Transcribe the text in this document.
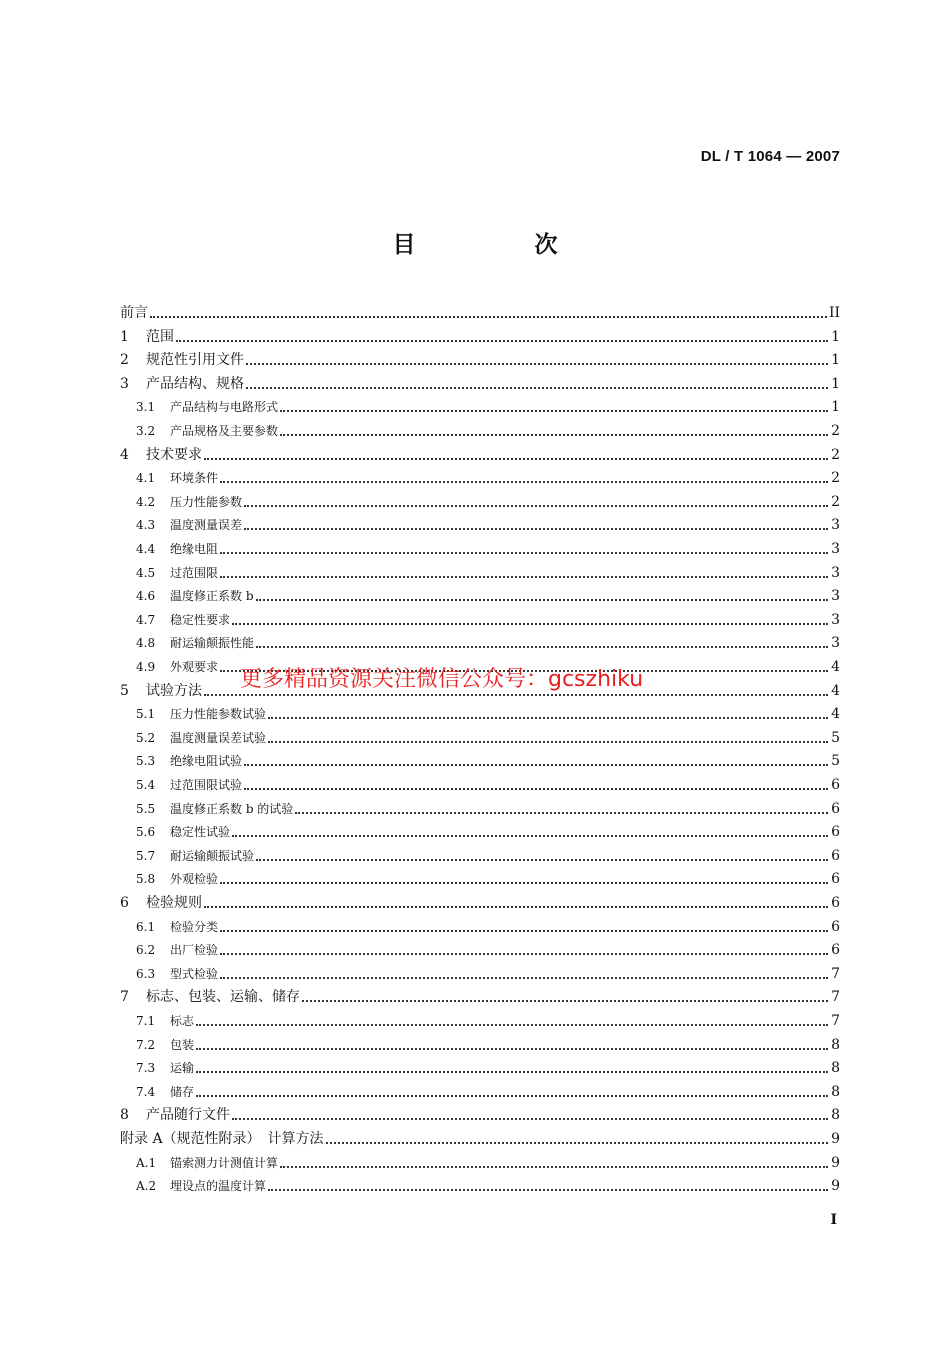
DL / T 1064 — 2007
目　次
前言	II
1	范围	1
2	规范性引用文件	1
3	产品结构、规格	1
3.1	产品结构与电路形式	1
3.2	产品规格及主要参数	2
4	技术要求	2
4.1	环境条件	2
4.2	压力性能参数	2
4.3	温度测量误差	3
4.4	绝缘电阻	3
4.5	过范围限	3
4.6	温度修正系数 b	3
4.7	稳定性要求	3
4.8	耐运输颠振性能	3
4.9	外观要求	4
5	试验方法	4
5.1	压力性能参数试验	4
5.2	温度测量误差试验	5
5.3	绝缘电阻试验	5
5.4	过范围限试验	6
5.5	温度修正系数 b 的试验	6
5.6	稳定性试验	6
5.7	耐运输颠振试验	6
5.8	外观检验	6
6	检验规则	6
6.1	检验分类	6
6.2	出厂检验	6
6.3	型式检验	7
7	标志、包装、运输、储存	7
7.1	标志	7
7.2	包装	8
7.3	运输	8
7.4	储存	8
8	产品随行文件	8
附录 A（规范性附录）　计算方法	9
A.1	锚索测力计测值计算	9
A.2	埋设点的温度计算	9
更多精品资源关注微信公众号：gcszhiku
I
